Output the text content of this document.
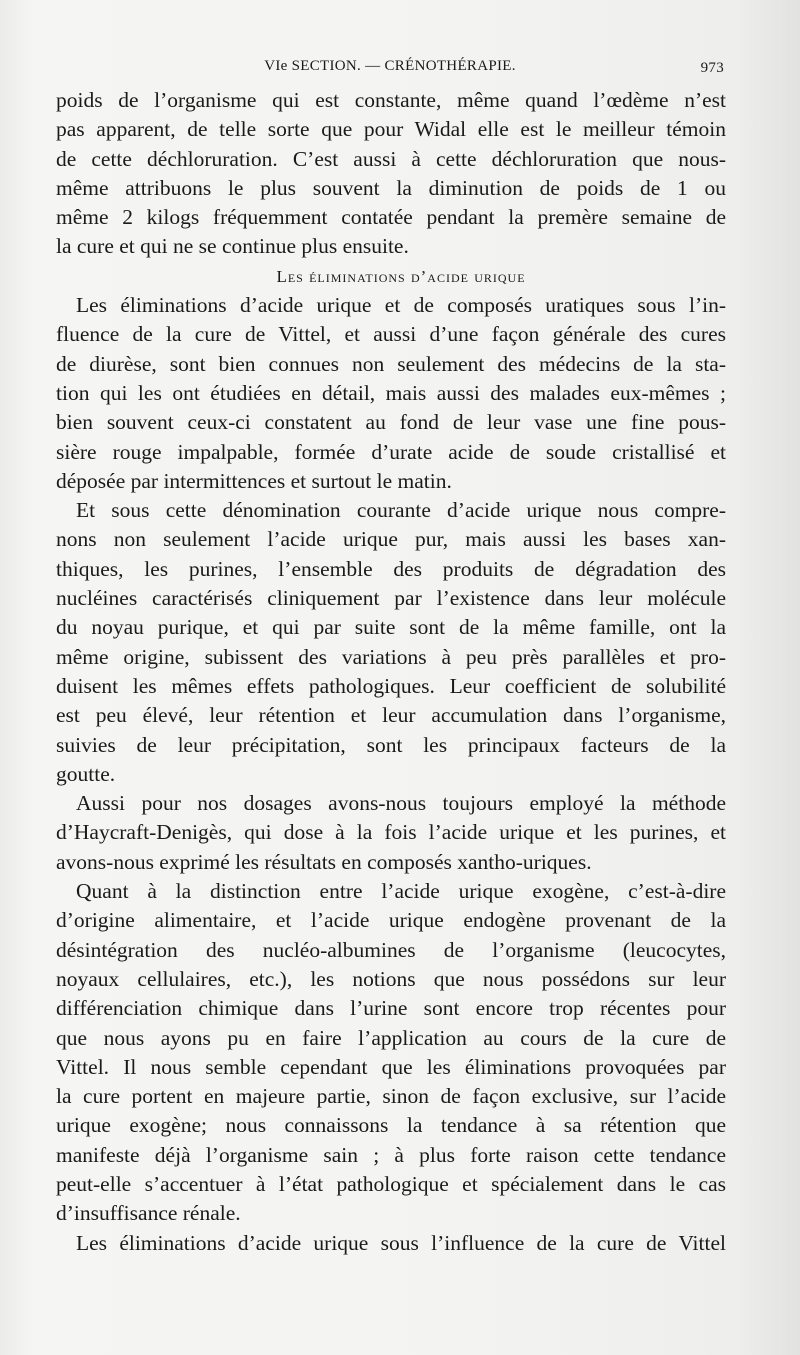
VIe SECTION. — CRÉNOTHÉRAPIE.	973

poids de l’organisme qui est constante, même quand l’œdème n’est

pas apparent, de telle sorte que pour Widal elle est le meilleur témoin

de cette déchloruration. C’est aussi à cette déchloruration que nous-

même attribuons le plus souvent la diminution de poids de 1 ou

même 2 kilogs fréquemment contatée pendant la premère semaine de

la cure et qui ne se continue plus ensuite.

Les éliminations d’acide urique

Les éliminations d’acide urique et de composés uratiques sous l’in-

fluence de la cure de Vittel, et aussi d’une façon générale des cures

de diurèse, sont bien connues non seulement des médecins de la sta-

tion qui les ont étudiées en détail, mais aussi des malades eux-mêmes ;

bien souvent ceux-ci constatent au fond de leur vase une fine pous-

sière rouge impalpable, formée d’urate acide de soude cristallisé et

déposée par intermittences et surtout le matin.

Et sous cette dénomination courante d’acide urique nous compre-

nons non seulement l’acide urique pur, mais aussi les bases xan-

thiques, les purines, l’ensemble des produits de dégradation des

nucléines caractérisés cliniquement par l’existence dans leur molécule

du noyau purique, et qui par suite sont de la même famille, ont la

même origine, subissent des variations à peu près parallèles et pro-

duisent les mêmes effets pathologiques. Leur coefficient de solubilité

est peu élevé, leur rétention et leur accumulation dans l’organisme,

suivies de leur précipitation, sont les principaux facteurs de la

goutte.

Aussi pour nos dosages avons-nous toujours employé la méthode

d’Haycraft-Denigès, qui dose à la fois l’acide urique et les purines, et

avons-nous exprimé les résultats en composés xantho-uriques.

Quant à la distinction entre l’acide urique exogène, c’est-à-dire

d’origine alimentaire, et l’acide urique endogène provenant de la

désintégration des nucléo-albumines de l’organisme (leucocytes,

noyaux cellulaires, etc.), les notions que nous possédons sur leur

différenciation chimique dans l’urine sont encore trop récentes pour

que nous ayons pu en faire l’application au cours de la cure de

Vittel. Il nous semble cependant que les éliminations provoquées par

la cure portent en majeure partie, sinon de façon exclusive, sur l’acide

urique exogène; nous connaissons la tendance à sa rétention que

manifeste déjà l’organisme sain ; à plus forte raison cette tendance

peut-elle s’accentuer à l’état pathologique et spécialement dans le cas

d’insuffisance rénale.

Les éliminations d’acide urique sous l’influence de la cure de Vittel
